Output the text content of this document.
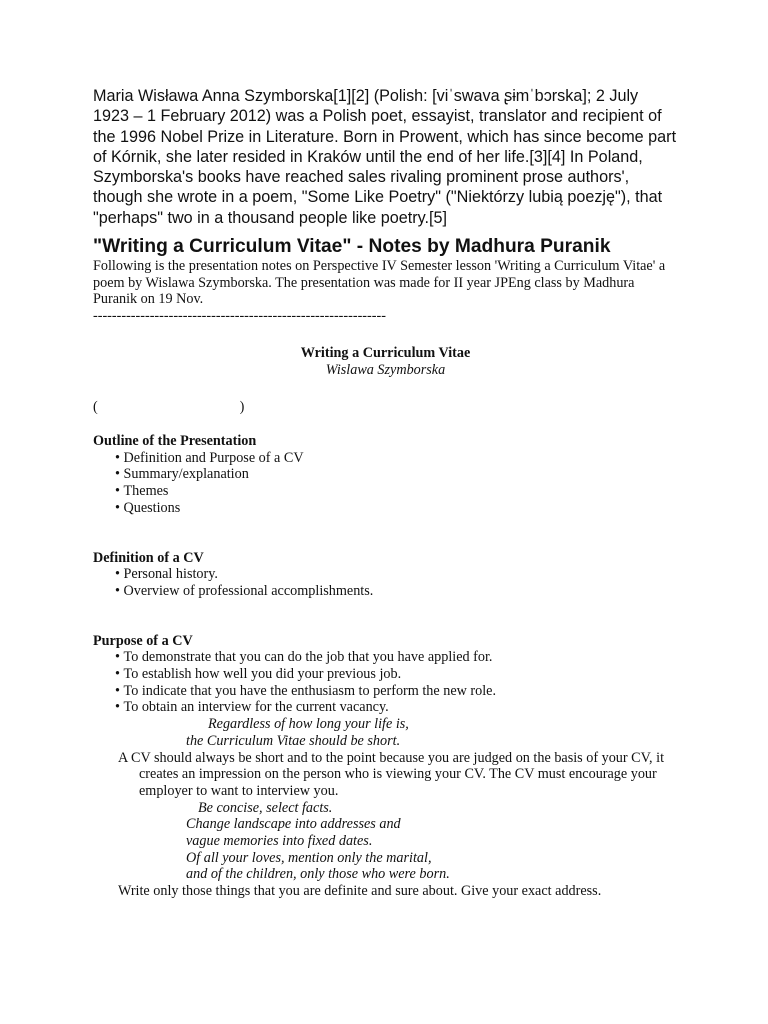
Maria Wisława Anna Szymborska[1][2] (Polish: [viˈswava ʂɨmˈbɔrska]; 2 July 1923 – 1 February 2012) was a Polish poet, essayist, translator and recipient of the 1996 Nobel Prize in Literature. Born in Prowent, which has since become part of Kórnik, she later resided in Kraków until the end of her life.[3][4] In Poland, Szymborska's books have reached sales rivaling prominent prose authors', though she wrote in a poem, "Some Like Poetry" ("Niektórzy lubią poezję"), that "perhaps" two in a thousand people like poetry.[5]

"Writing a Curriculum Vitae" - Notes by Madhura Puranik

Following is the presentation notes on Perspective IV Semester lesson 'Writing a Curriculum Vitae' a poem by Wislawa Szymborska. The presentation was made for II year JPEng class by Madhura Puranik on 19 Nov.

--------------------------------------------------------------

Writing a Curriculum Vitae
Wislawa Szymborska
(                                        )

Outline of the Presentation

• Definition and Purpose of a CV
• Summary/explanation
• Themes
• Questions

Definition of a CV

• Personal history.
• Overview of professional accomplishments.

Purpose of a CV

• To demonstrate that you can do the job that you have applied for.
• To establish how well you did your previous job.
• To indicate that you have the enthusiasm to perform the new role.
• To obtain an interview for the current vacancy.

Regardless of how long your life is,

the Curriculum Vitae should be short.

A CV should always be short and to the point because you are judged on the basis of your CV, it creates an impression on the person who is viewing your CV. The CV must encourage your employer to want to interview you.

Be concise, select facts.

Change landscape into addresses and

vague memories into fixed dates.

Of all your loves, mention only the marital,

and of the children, only those who were born.

Write only those things that you are definite and sure about. Give your exact address.
